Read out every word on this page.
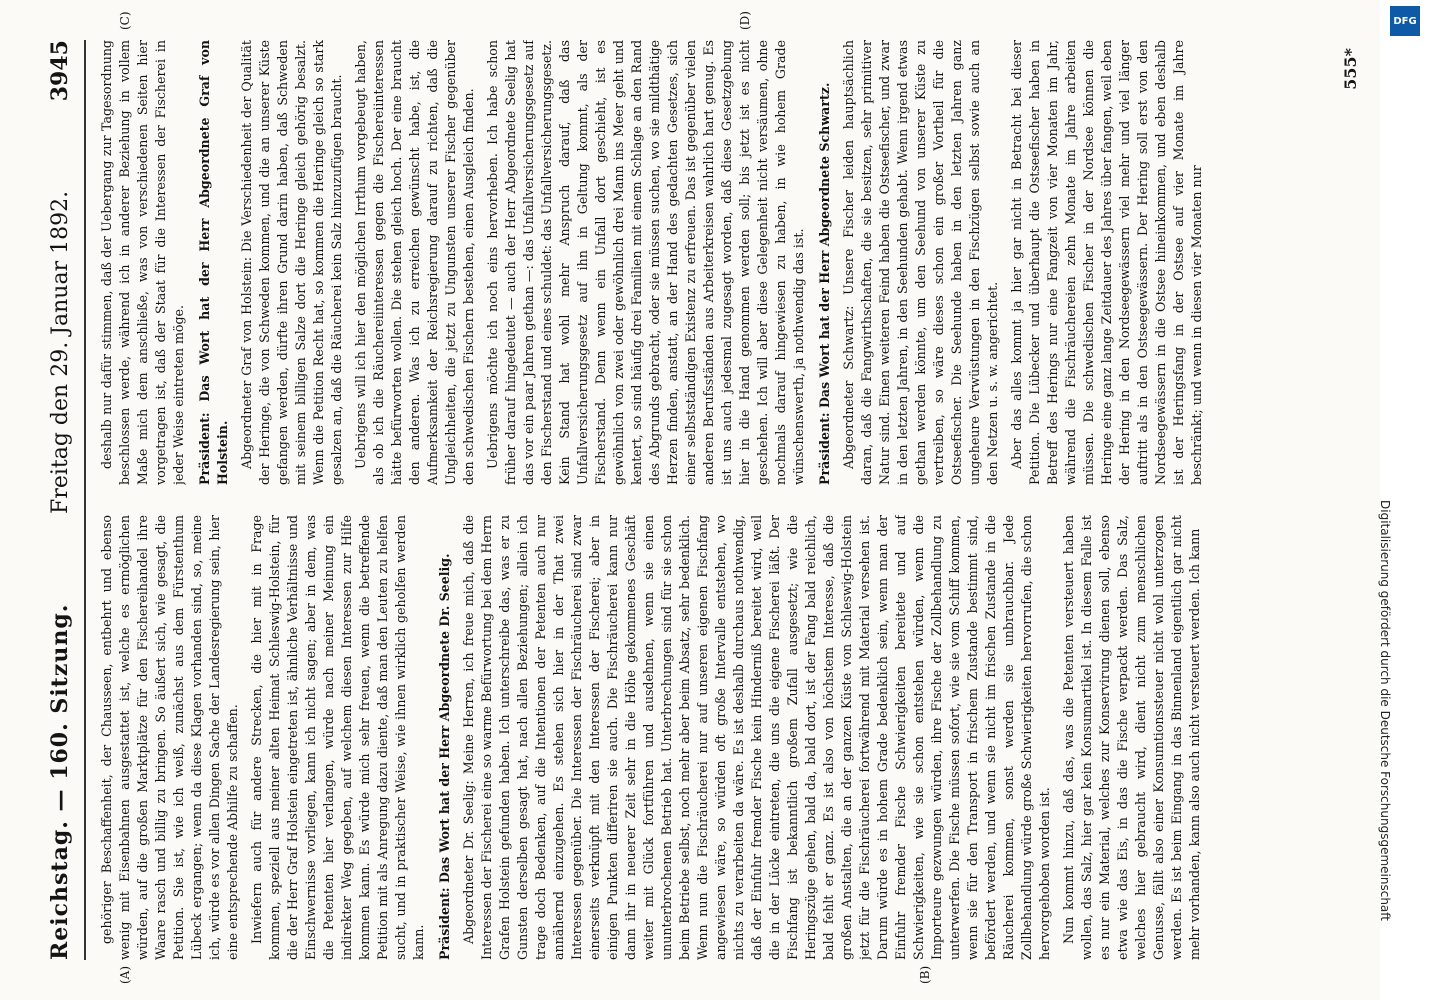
Reichstag. — 160. Sitzung.
Freitag den 29. Januar 1892.
3945
(A)	(B)
(C)	(D)

gehöriger Beschaffenheit, der Chausseen, entbehrt und ebenso wenig mit Eisenbahnen ausgestattet ist, welche es ermöglichen würden, auf die großen Marktplätze für den Fischereihandel ihre Waare rasch und billig zu bringen. So äußert sich, wie gesagt, die Petition. Sie ist, wie ich weiß, zunächst aus dem Fürstenthum Lübeck ergangen; wenn da diese Klagen vorhanden sind, so, meine ich, würde es vor allen Dingen Sache der Landesregierung sein, hier eine entsprechende Abhilfe zu schaffen. Inwiefern auch für andere Strecken, die hier mit in Frage kommen, speziell aus meiner alten Heimat Schleswig-Holstein, für die der Herr Graf Holstein eingetreten ist, ähnliche Verhältnisse und Einschwernisse vorliegen, kann ich nicht sagen; aber in dem, was die Petenten hier verlangen, würde nach meiner Meinung ein indirekter Weg gegeben, auf welchem diesen Interessen zur Hilfe kommen kann. Es würde mich sehr freuen, wenn die betreffende Petition mit als Anregung dazu diente, daß man den Leuten zu helfen sucht, und in praktischer Weise, wie ihnen wirklich geholfen werden kann. Präsident: Das Wort hat der Herr Abgeordnete Dr. Seelig. Abgeordneter Dr. Seelig: Meine Herren, ich freue mich, daß die Interessen der Fischerei eine so warme Befürwortung bei dem Herrn Grafen Holstein gefunden haben. Ich unterschreibe das, was er zu Gunsten derselben gesagt hat, nach allen Beziehungen; allein ich trage doch Bedenken, auf die Intentionen der Petenten auch nur annähernd einzugehen. Es stehen sich hier in der That zwei Interessen gegenüber. Die Interessen der Fischräucherei sind zwar einerseits verknüpft mit den Interessen der Fischerei; aber in einigen Punkten differiren sie auch. Die Fischräucherei kann nur dann ihr in neuerer Zeit sehr in die Höhe gekommenes Geschäft weiter mit Glück fortführen und ausdehnen, wenn sie einen ununterbrochenen Betrieb hat. Unterbrechungen sind für sie schon beim Betriebe selbst, noch mehr aber beim Absatz, sehr bedenklich. Wenn nun die Fischräucherei nur auf unseren eigenen Fischfang angewiesen wäre, so würden oft große Intervalle entstehen, wo nichts zu verarbeiten da wäre. Es ist deshalb durchaus nothwendig, daß der Einfuhr fremder Fische kein Hinderniß bereitet wird, weil die in der Lücke eintreten, die uns die eigene Fischerei läßt. Der Fischfang ist bekanntlich großem Zufall ausgesetzt; wie die Heringszüge gehen, bald da, bald dort, ist der Fang bald reichlich, bald fehlt er ganz. Es ist also von höchstem Interesse, daß die großen Anstalten, die an der ganzen Küste von Schleswig-Holstein jetzt für die Fischräucherei fortwährend mit Material versehen ist. Darum würde es in hohem Grade bedenklich sein, wenn man der Einfuhr fremder Fische Schwierigkeiten bereitete und auf Schwierigkeiten, wie sie schon entstehen würden, wenn die Importeure gezwungen würden, ihre Fische der Zollbehandlung zu unterwerfen. Die Fische müssen sofort, wie sie vom Schiff kommen, wenn sie für den Transport in frischem Zustande bestimmt sind, befördert werden, und wenn sie nicht im frischen Zustande in die Räucherei kommen, sonst werden sie unbrauchbar. Jede Zollbehandlung würde große Schwierigkeiten hervorrufen, die schon hervorgehoben worden ist. Nun kommt hinzu, daß das, was die Petenten versteuert haben wollen, das Salz, hier gar kein Konsumartikel ist. In diesem Falle ist es nur ein Material, welches zur Konservirung dienen soll, ebenso etwa wie das Eis, in das die Fische verpackt werden. Das Salz, welches hier gebraucht wird, dient nicht zum menschlichen Genusse, fällt also einer Konsumtionssteuer nicht wohl unterzogen werden. Es ist beim Eingang in das Binnenland eigentlich gar nicht mehr vorhanden, kann also auch nicht versteuert werden. Ich kann

deshalb nur dafür stimmen, daß der Uebergang zur Tagesordnung beschlossen werde, während ich in anderer Beziehung in vollem Maße mich dem anschließe, was von verschiedenen Seiten hier vorgetragen ist, daß der Staat für die Interessen der Fischerei in jeder Weise eintreten möge. Präsident: Das Wort hat der Herr Abgeordnete Graf von Holstein. Abgeordneter Graf von Holstein: Die Verschiedenheit der Qualität der Heringe, die von Schweden kommen, und die an unserer Küste gefangen werden, dürfte ihren Grund darin haben, daß Schweden mit seinem billigen Salze dort die Heringe gleich gehörig besalzt. Wenn die Petition Recht hat, so kommen die Heringe gleich so stark gesalzen an, daß die Räucherei kein Salz hinzuzufügen braucht. Uebrigens will ich hier den möglichen Irrthum vorgebeugt haben, als ob ich die Räuchereiinteressen gegen die Fischereiinteressen hätte befürworten wollen. Die stehen gleich hoch. Der eine braucht den anderen. Was ich zu erreichen gewünscht habe, ist, die Aufmerksamkeit der Reichsregierung darauf zu richten, daß die Ungleichheiten, die jetzt zu Ungunsten unserer Fischer gegenüber den schwedischen Fischern bestehen, einen Ausgleich finden. Uebrigens möchte ich noch eins hervorheben. Ich habe schon früher darauf hingedeutet — auch der Herr Abgeordnete Seelig hat das vor ein paar Jahren gethan —: das Unfallversicherungsgesetz auf den Fischerstand und eines schuldet: das Unfallversicherungsgesetz. Kein Stand hat wohl mehr Anspruch darauf, daß das Unfallversicherungsgesetz auf ihn in Geltung kommt, als der Fischerstand. Denn wenn ein Unfall dort geschieht, ist es gewöhnlich von zwei oder gewöhnlich drei Mann ins Meer geht und kentert, so sind häufig drei Familien mit einem Schlage an den Rand des Abgrunds gebracht, oder sie müssen suchen, wo sie mildthätige Herzen finden, anstatt, an der Hand des gedachten Gesetzes, sich einer selbstständigen Existenz zu erfreuen. Das ist gegenüber vielen anderen Berufsständen aus Arbeiterkreisen wahrlich hart genug. Es ist uns auch jedesmal zugesagt worden, daß diese Gesetzgebung hier in die Hand genommen werden soll; bis jetzt ist es nicht geschehen. Ich will aber diese Gelegenheit nicht versäumen, ohne nochmals darauf hingewiesen zu haben, in wie hohem Grade wünschenswerth, ja nothwendig das ist. Präsident: Das Wort hat der Herr Abgeordnete Schwartz. Abgeordneter Schwartz: Unsere Fischer leiden hauptsächlich daran, daß die Fangwirthschaften, die sie besitzen, sehr primitiver Natur sind. Einen weiteren Feind haben die Ostseefischer, und zwar in den letzten Jahren, in den Seehunden gehabt. Wenn irgend etwas gethan werden könnte, um den Seehund von unserer Küste zu vertreiben, so wäre dieses schon ein großer Vortheil für die Ostseefischer. Die Seehunde haben in den letzten Jahren ganz ungeheure Verwüstungen in den Fischzügen selbst sowie auch an den Netzen u. s. w. angerichtet. Aber das alles kommt ja hier gar nicht in Betracht bei dieser Petition. Die Lübecker und überhaupt die Ostseefischer haben in Betreff des Herings nur eine Fangzeit von vier Monaten im Jahr, während die Fischräuchereien zehn Monate im Jahre arbeiten müssen. Die schwedischen Fischer in der Nordsee können die Heringe eine ganz lange Zeitdauer des Jahres über fangen, weil eben der Hering in den Nordseegewässern viel mehr und viel länger auftritt als in den Ostseegewässern. Der Hering soll erst von den Nordseegewässern in die Ostsee hineinkommen, und eben deshalb ist der Heringsfang in der Ostsee auf vier Monate im Jahre beschränkt; und wenn in diesen vier Monaten nur

555*
DFG
Digitalisierung gefördert durch die Deutsche Forschungsgemeinschaft
